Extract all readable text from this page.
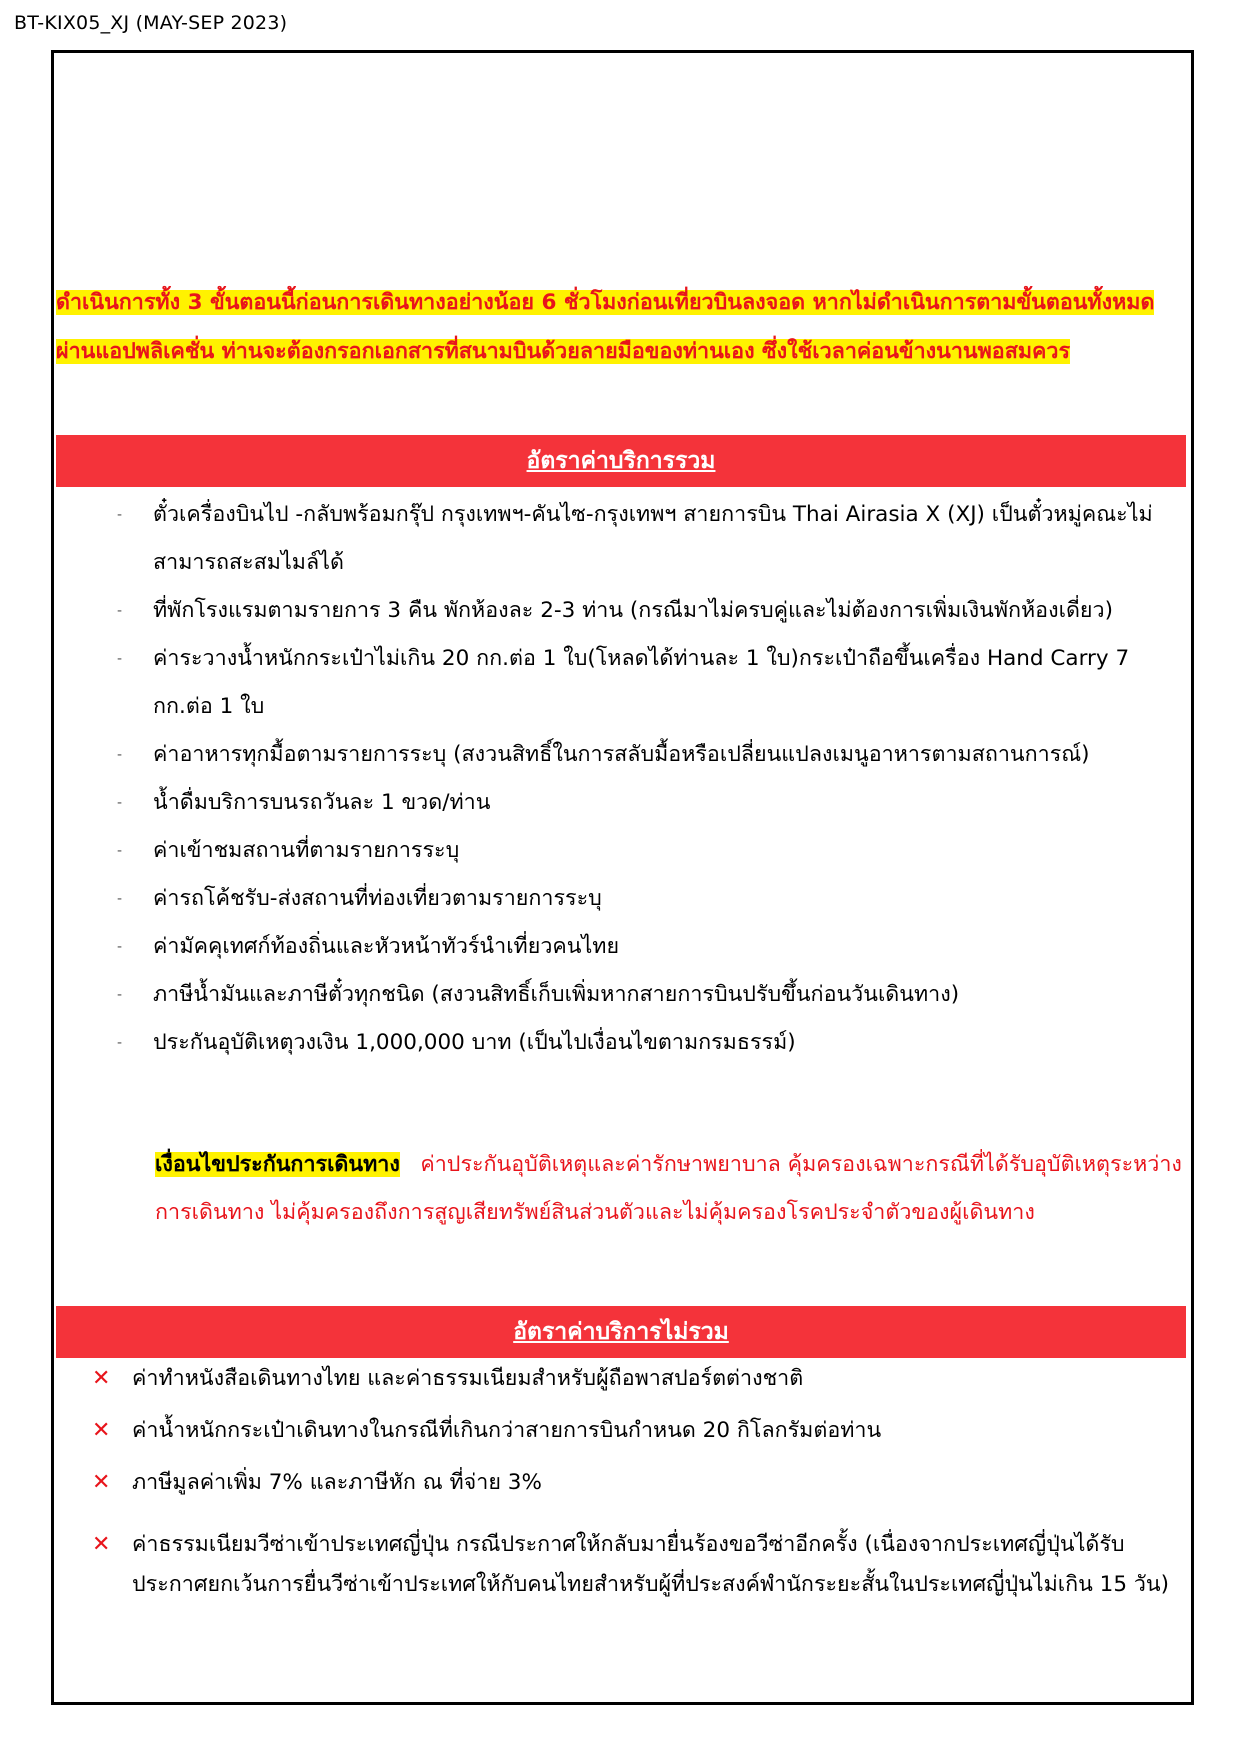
BT-KIX05_XJ (MAY-SEP 2023)
ดำเนินการทั้ง 3 ขั้นตอนนี้ก่อนการเดินทางอย่างน้อย 6 ชั่วโมงก่อนเที่ยวบินลงจอด หากไม่ดำเนินการตามขั้นตอนทั้งหมดผ่านแอปพลิเคชั่น ท่านจะต้องกรอกเอกสารที่สนามบินด้วยลายมือของท่านเอง ซึ่งใช้เวลาค่อนข้างนานพอสมควร
อัตราค่าบริการรวม
- ตั๋วเครื่องบินไป -กลับพร้อมกรุ๊ป กรุงเทพฯ-คันไซ-กรุงเทพฯ สายการบิน Thai Airasia X (XJ) เป็นตั๋วหมู่คณะไม่สามารถสะสมไมล์ได้
- ที่พักโรงแรมตามรายการ 3 คืน พักห้องละ 2-3 ท่าน (กรณีมาไม่ครบคู่และไม่ต้องการเพิ่มเงินพักห้องเดี่ยว)
- ค่าระวางน้ำหนักกระเป๋าไม่เกิน 20 กก.ต่อ 1 ใบ(โหลดได้ท่านละ 1 ใบ)กระเป๋าถือขึ้นเครื่อง Hand Carry 7 กก.ต่อ 1 ใบ
- ค่าอาหารทุกมื้อตามรายการระบุ (สงวนสิทธิ์ในการสลับมื้อหรือเปลี่ยนแปลงเมนูอาหารตามสถานการณ์)
- น้ำดื่มบริการบนรถวันละ 1 ขวด/ท่าน
- ค่าเข้าชมสถานที่ตามรายการระบุ
- ค่ารถโค้ชรับ-ส่งสถานที่ท่องเที่ยวตามรายการระบุ
- ค่ามัคคุเทศก์ท้องถิ่นและหัวหน้าทัวร์นำเที่ยวคนไทย
- ภาษีน้ำมันและภาษีตั๋วทุกชนิด (สงวนสิทธิ์เก็บเพิ่มหากสายการบินปรับขึ้นก่อนวันเดินทาง)
- ประกันอุบัติเหตุวงเงิน 1,000,000 บาท (เป็นไปเงื่อนไขตามกรมธรรม์)
เงื่อนไขประกันการเดินทาง ค่าประกันอุบัติเหตุและค่ารักษาพยาบาล คุ้มครองเฉพาะกรณีที่ได้รับอุบัติเหตุระหว่างการเดินทาง ไม่คุ้มครองถึงการสูญเสียทรัพย์สินส่วนตัวและไม่คุ้มครองโรคประจำตัวของผู้เดินทาง
อัตราค่าบริการไม่รวม
✕ ค่าทำหนังสือเดินทางไทย และค่าธรรมเนียมสำหรับผู้ถือพาสปอร์ตต่างชาติ
✕ ค่าน้ำหนักกระเป๋าเดินทางในกรณีที่เกินกว่าสายการบินกำหนด 20 กิโลกรัมต่อท่าน
✕ ภาษีมูลค่าเพิ่ม 7% และภาษีหัก ณ ที่จ่าย 3%
✕ ค่าธรรมเนียมวีซ่าเข้าประเทศญี่ปุ่น กรณีประกาศให้กลับมายื่นร้องขอวีซ่าอีกครั้ง (เนื่องจากประเทศญี่ปุ่นได้รับประกาศยกเว้นการยื่นวีซ่าเข้าประเทศให้กับคนไทยสำหรับผู้ที่ประสงค์พำนักระยะสั้นในประเทศญี่ปุ่นไม่เกิน 15 วัน)
